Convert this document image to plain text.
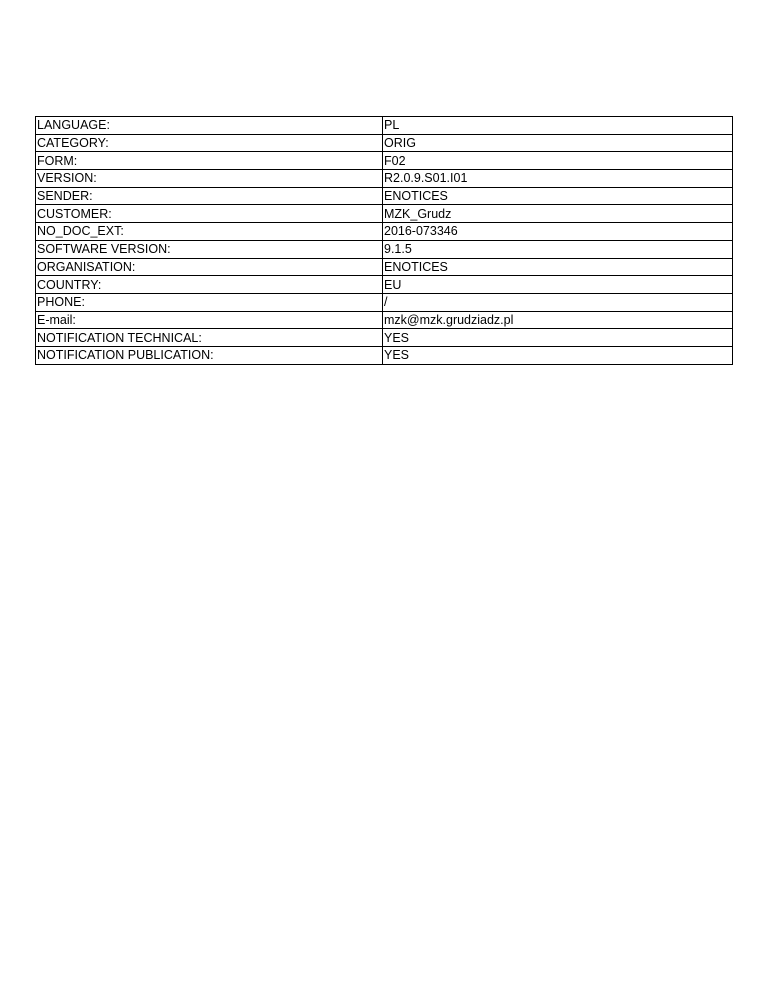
LANGUAGE:	PL
CATEGORY:	ORIG
FORM:	F02
VERSION:	R2.0.9.S01.I01
SENDER:	ENOTICES
CUSTOMER:	MZK_Grudz
NO_DOC_EXT:	2016-073346
SOFTWARE VERSION:	9.1.5
ORGANISATION:	ENOTICES
COUNTRY:	EU
PHONE:	/
E-mail:	mzk@mzk.grudziadz.pl
NOTIFICATION TECHNICAL:	YES
NOTIFICATION PUBLICATION:	YES
